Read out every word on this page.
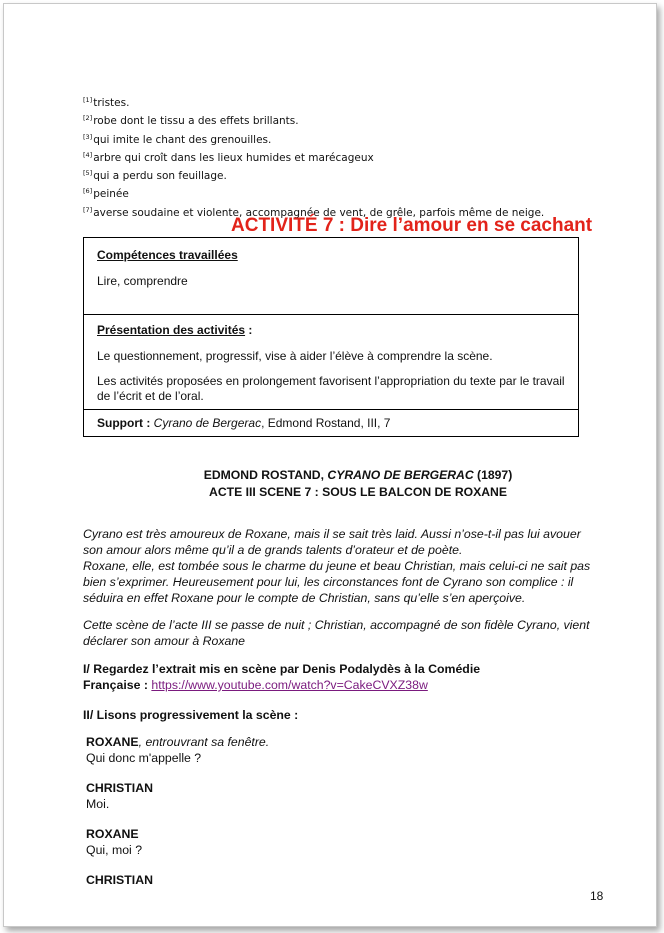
[1]tristes.
[2]robe dont le tissu a des effets brillants.
[3]qui imite le chant des grenouilles.
[4]arbre qui croît dans les lieux humides et marécageux
[5]qui a perdu son feuillage.
[6]peinée
[7]averse soudaine et violente, accompagnée de vent, de grêle, parfois même de neige.
ACTIVITÉ 7 : Dire l’amour en se cachant
Compétences travaillées
Lire, comprendre
Présentation des activités :
Le questionnement, progressif, vise à aider l’élève à comprendre la scène.
Les activités proposées en prolongement favorisent l’appropriation du texte par le travail de l’écrit et de l’oral.
Support : Cyrano de Bergerac, Edmond Rostand, III, 7
EDMOND ROSTAND, CYRANO DE BERGERAC (1897)
ACTE III SCENE 7 : SOUS LE BALCON DE ROXANE
Cyrano est très amoureux de Roxane, mais il se sait très laid. Aussi n’ose-t-il pas lui avouer son amour alors même qu’il a de grands talents d’orateur et de poète.
Roxane, elle, est tombée sous le charme du jeune et beau Christian, mais celui-ci ne sait pas bien s’exprimer. Heureusement pour lui, les circonstances font de Cyrano son complice : il séduira en effet Roxane pour le compte de Christian, sans qu’elle s’en aperçoive.
Cette scène de l’acte III se passe de nuit ; Christian, accompagné de son fidèle Cyrano, vient déclarer son amour à Roxane
I/ Regardez l’extrait mis en scène par Denis Podalydès à la Comédie
Française : https://www.youtube.com/watch?v=CakeCVXZ38w
II/ Lisons progressivement la scène :
ROXANE, entrouvrant sa fenêtre.
Qui donc m'appelle ?
CHRISTIAN
Moi.
ROXANE
Qui, moi ?
CHRISTIAN
18
